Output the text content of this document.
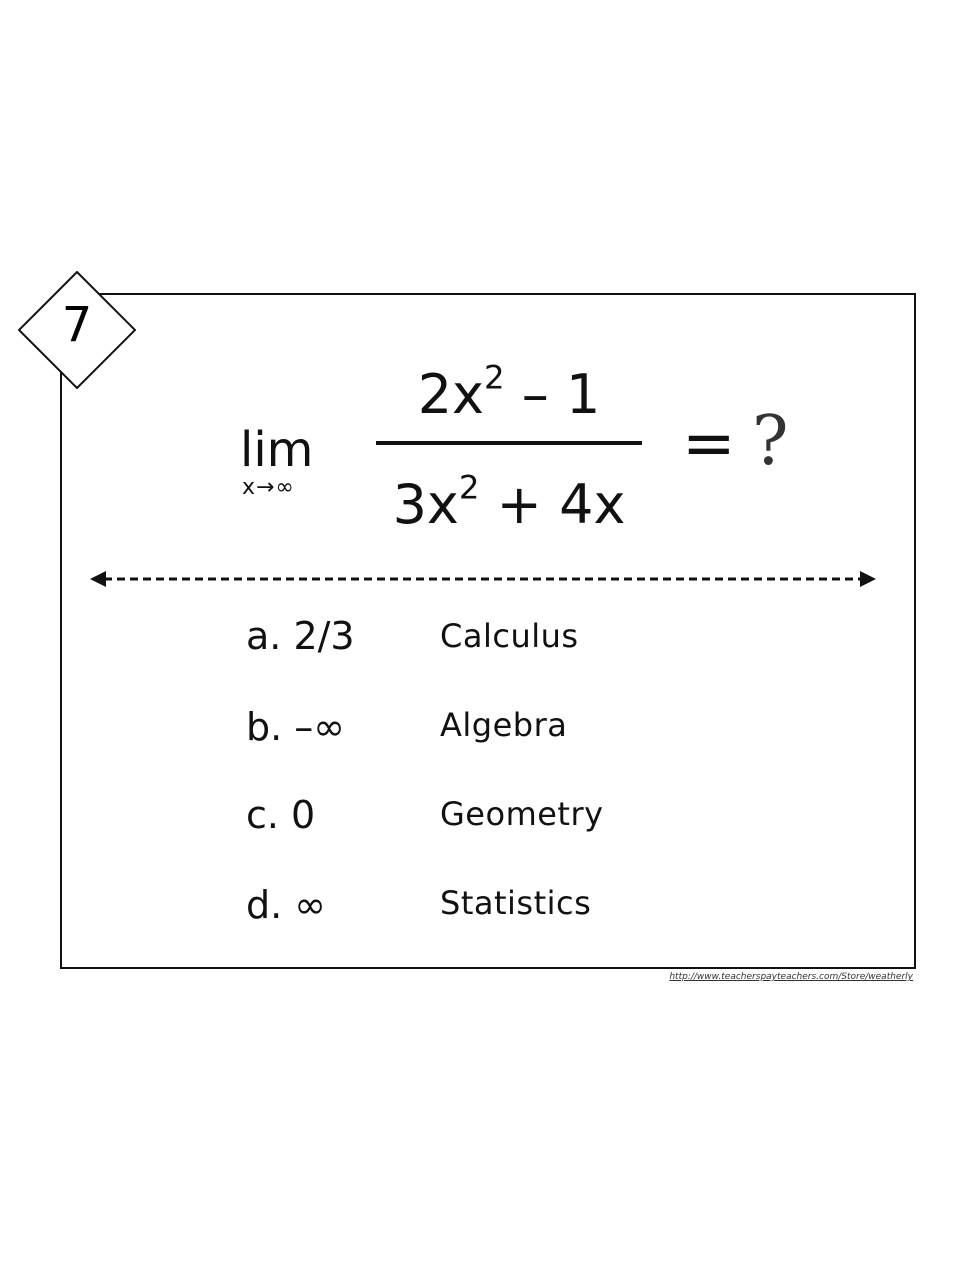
7
lim
x→∞
$2x^2 - 1$
$3x^2 + 4x$
= ?
a. 2/3	Calculus
b. –∞	Algebra
c. 0	Geometry
d. ∞	Statistics
http://www.teacherspayteachers.com/Store/weatherly
